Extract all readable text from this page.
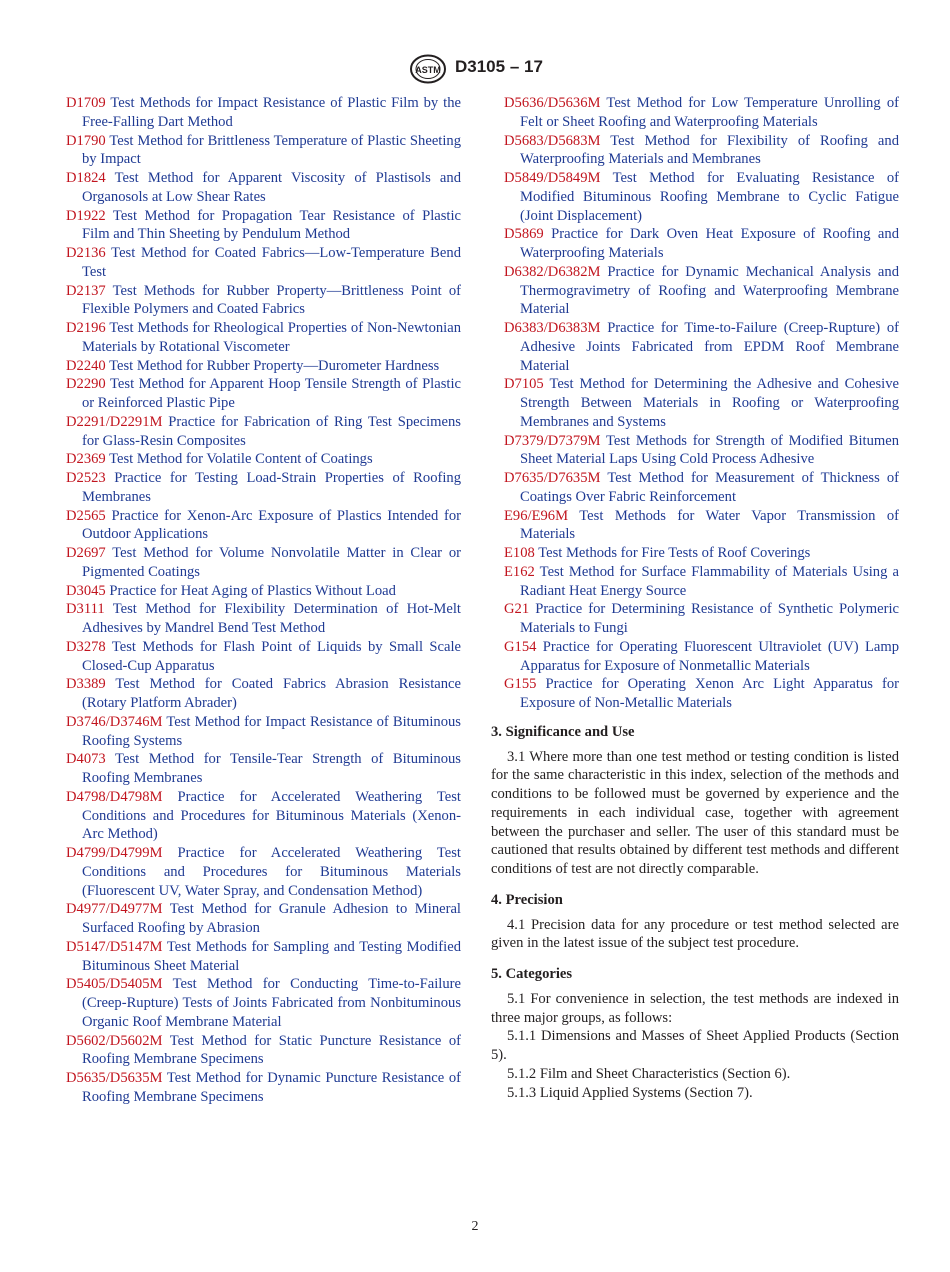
ASTM D3105 – 17

D1709 Test Methods for Impact Resistance of Plastic Film by the Free-Falling Dart Method

D1790 Test Method for Brittleness Temperature of Plastic Sheeting by Impact

D1824 Test Method for Apparent Viscosity of Plastisols and Organosols at Low Shear Rates

D1922 Test Method for Propagation Tear Resistance of Plastic Film and Thin Sheeting by Pendulum Method

D2136 Test Method for Coated Fabrics—Low-Temperature Bend Test

D2137 Test Methods for Rubber Property—Brittleness Point of Flexible Polymers and Coated Fabrics

D2196 Test Methods for Rheological Properties of Non-Newtonian Materials by Rotational Viscometer

D2240 Test Method for Rubber Property—Durometer Hardness

D2290 Test Method for Apparent Hoop Tensile Strength of Plastic or Reinforced Plastic Pipe

D2291/D2291M Practice for Fabrication of Ring Test Specimens for Glass-Resin Composites

D2369 Test Method for Volatile Content of Coatings

D2523 Practice for Testing Load-Strain Properties of Roofing Membranes

D2565 Practice for Xenon-Arc Exposure of Plastics Intended for Outdoor Applications

D2697 Test Method for Volume Nonvolatile Matter in Clear or Pigmented Coatings

D3045 Practice for Heat Aging of Plastics Without Load

D3111 Test Method for Flexibility Determination of Hot-Melt Adhesives by Mandrel Bend Test Method

D3278 Test Methods for Flash Point of Liquids by Small Scale Closed-Cup Apparatus

D3389 Test Method for Coated Fabrics Abrasion Resistance (Rotary Platform Abrader)

D3746/D3746M Test Method for Impact Resistance of Bituminous Roofing Systems

D4073 Test Method for Tensile-Tear Strength of Bituminous Roofing Membranes

D4798/D4798M Practice for Accelerated Weathering Test Conditions and Procedures for Bituminous Materials (Xenon-Arc Method)

D4799/D4799M Practice for Accelerated Weathering Test Conditions and Procedures for Bituminous Materials (Fluorescent UV, Water Spray, and Condensation Method)

D4977/D4977M Test Method for Granule Adhesion to Mineral Surfaced Roofing by Abrasion

D5147/D5147M Test Methods for Sampling and Testing Modified Bituminous Sheet Material

D5405/D5405M Test Method for Conducting Time-to-Failure (Creep-Rupture) Tests of Joints Fabricated from Nonbituminous Organic Roof Membrane Material

D5602/D5602M Test Method for Static Puncture Resistance of Roofing Membrane Specimens

D5635/D5635M Test Method for Dynamic Puncture Resistance of Roofing Membrane Specimens

D5636/D5636M Test Method for Low Temperature Unrolling of Felt or Sheet Roofing and Waterproofing Materials

D5683/D5683M Test Method for Flexibility of Roofing and Waterproofing Materials and Membranes

D5849/D5849M Test Method for Evaluating Resistance of Modified Bituminous Roofing Membrane to Cyclic Fatigue (Joint Displacement)

D5869 Practice for Dark Oven Heat Exposure of Roofing and Waterproofing Materials

D6382/D6382M Practice for Dynamic Mechanical Analysis and Thermogravimetry of Roofing and Waterproofing Membrane Material

D6383/D6383M Practice for Time-to-Failure (Creep-Rupture) of Adhesive Joints Fabricated from EPDM Roof Membrane Material

D7105 Test Method for Determining the Adhesive and Cohesive Strength Between Materials in Roofing or Waterproofing Membranes and Systems

D7379/D7379M Test Methods for Strength of Modified Bitumen Sheet Material Laps Using Cold Process Adhesive

D7635/D7635M Test Method for Measurement of Thickness of Coatings Over Fabric Reinforcement

E96/E96M Test Methods for Water Vapor Transmission of Materials

E108 Test Methods for Fire Tests of Roof Coverings

E162 Test Method for Surface Flammability of Materials Using a Radiant Heat Energy Source

G21 Practice for Determining Resistance of Synthetic Polymeric Materials to Fungi

G154 Practice for Operating Fluorescent Ultraviolet (UV) Lamp Apparatus for Exposure of Nonmetallic Materials

G155 Practice for Operating Xenon Arc Light Apparatus for Exposure of Non-Metallic Materials

3. Significance and Use

3.1 Where more than one test method or testing condition is listed for the same characteristic in this index, selection of the methods and conditions to be followed must be governed by experience and the requirements in each individual case, together with agreement between the purchaser and seller. The user of this standard must be cautioned that results obtained by different test methods and different conditions of test are not directly comparable.

4. Precision

4.1 Precision data for any procedure or test method selected are given in the latest issue of the subject test procedure.

5. Categories

5.1 For convenience in selection, the test methods are indexed in three major groups, as follows:

5.1.1 Dimensions and Masses of Sheet Applied Products (Section 5).

5.1.2 Film and Sheet Characteristics (Section 6).

5.1.3 Liquid Applied Systems (Section 7).

2
